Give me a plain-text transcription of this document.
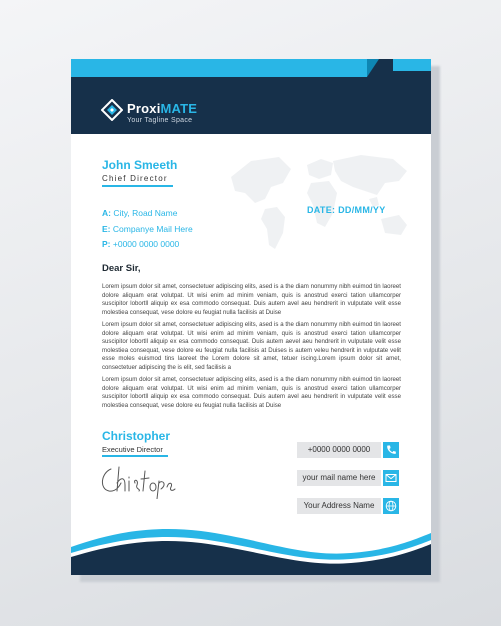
ProxiMATE
Your Tagline Space
John Smeeth
Chief Director
A: City, Road Name
E: Companye Mail Here
P: +0000 0000 0000
DATE: DD/MM/YY
Dear Sir,
Lorem ipsum dolor sit amet, consectetuer adipiscing elits, ased is a the diam nonummy nibh euimod tin laoreet dolore aliquam erat volutpat. Ut wisi enim ad minim veniam, quis is anostrud exerci tation ullamcorper suscipitor lobortll aliquip ex esa commodo consequat. Duis autem avel aeu hendrerit in vulputate velit esse molestiea consequat, vese dolore eu feugiat nulla facilisis at Duise
Lorem ipsum dolor sit amet, consectetuer adipiscing elits, ased is a the diam nonummy nibh euimod tin laoreet dolore aliquam erat volutpat. Ut wisi enim ad minim veniam, quis is anostrud exerci tation ullamcorper suscipitor lobortll aliquip ex esa commodo consequat. Duis autem aevel aeu hendrerit in vulputate velit esse molestiea consequat, vese dolore eu feugiat nulla facilisis at Duises is autem veleu hendrerit in vulputate velit esse moles euismod tins laoreet the Lorem dolore sit amet, tetuer iscing.Lorem ipsum dolor sit amet, consectetuer adipiscing the is elit, sed facilisis a
Lorem ipsum dolor sit amet, consectetuer adipiscing elits, ased is a the diam nonummy nibh euimod tin laoreet dolore aliquam erat volutpat. Ut wisi enim ad minim veniam, quis is anostrud exerci tation ullamcorper suscipitor lobortll aliquip ex esa commodo consequat. Duis autem avel aeu hendrerit in vulputate velit esse molestiea consequat, vese dolore eu feugiat nulla facilisis at Duise
Christopher
Executive Director	+0000 0000 0000
your mail name here
Your Address Name
